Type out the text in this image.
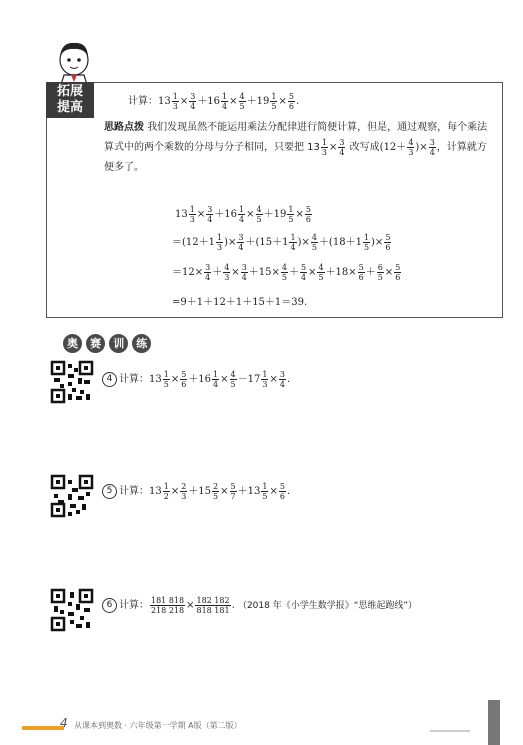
拓展
提高	计算：$13 \frac{1}{3} \times \frac{3}{4} +16 \frac{1}{4} \times \frac{4}{5} +19 \frac{1}{5} \times \frac{5}{6}$ .
思路点拨 我们发现虽然不能运用乘法分配律进行简便计算，但是，通过观察，每个乘法算式中的两个乘数的分母与分子相同，只要把 $13 \frac{1}{3} \times \frac{3}{4}$ 改写成($12+ \frac{4}{3}$ )× $\frac{3}{4}$ ，计算就方便多了。
$13 \frac{1}{3} \times \frac{3}{4} +16 \frac{1}{4} \times \frac{4}{5} +19 \frac{1}{5} \times \frac{5}{6}$
$=(12+1 \frac{1}{3}$ )× $\frac{3}{4} +(15+1 \frac{1}{4}$ )× $\frac{4}{5} +(18+1 \frac{1}{5}$ )× $\frac{5}{6}$
$=12\times \frac{3}{4} + \frac{4}{3} \times \frac{3}{4} +15\times \frac{4}{5} + \frac{5}{4} \times \frac{4}{5} +18\times \frac{5}{6} + \frac{6}{5} \times \frac{5}{6}$
=9＋1＋12＋1＋15＋1＝39.
奥 赛 训 练
4 计算：$13 \frac{1}{5} \times \frac{5}{6} +16 \frac{1}{4} \times \frac{4}{5} -17 \frac{1}{3} \times \frac{3}{4}$ .
5 计算：$13 \frac{1}{2} \times \frac{2}{3} +15 \frac{2}{5} \times \frac{5}{7} +13 \frac{1}{5} \times \frac{5}{6}$ .
6 计算： $\frac{181 818}{218 218} \times \frac{182 182}{818 181}$ . （2018 年《小学生数学报》“思维起跑线”）
4 从课本到奥数 · 六年级第一学期 A版（第二版）
